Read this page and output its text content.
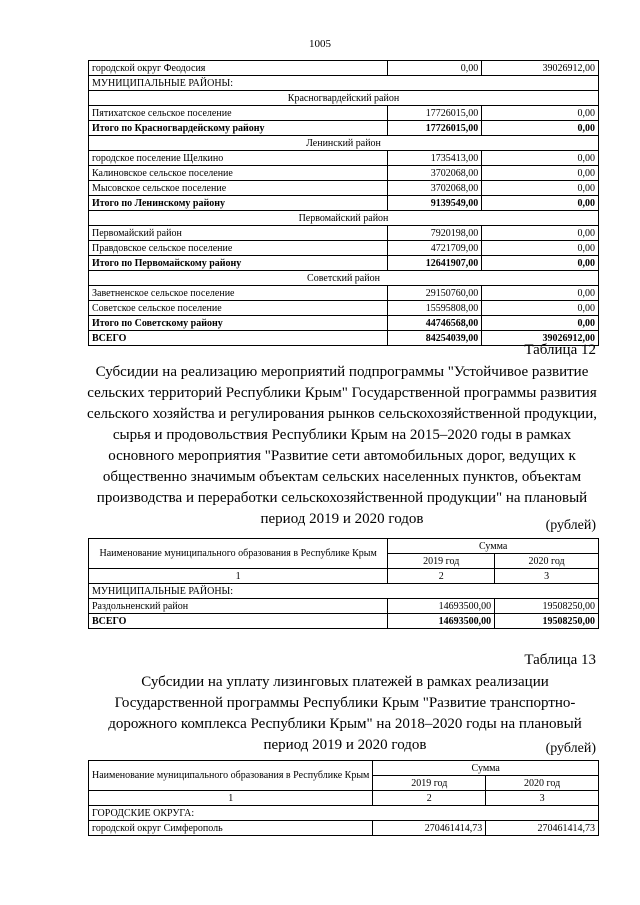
1005
городской округ Феодосия	0,00	39026912,00
МУНИЦИПАЛЬНЫЕ РАЙОНЫ:		
Красногвардейский район		
Пятихатское сельское поселение	17726015,00	0,00
Итого по Красногвардейскому району	17726015,00	0,00
Ленинский район		
городское поселение Щелкино	1735413,00	0,00
Калиновское сельское поселение	3702068,00	0,00
Мысовское сельское поселение	3702068,00	0,00
Итого по Ленинскому району	9139549,00	0,00
Первомайский район		
Первомайский район	7920198,00	0,00
Правдовское сельское поселение	4721709,00	0,00
Итого по Первомайскому району	12641907,00	0,00
Советский район		
Заветненское сельское поселение	29150760,00	0,00
Советское сельское поселение	15595808,00	0,00
Итого по Советскому району	44746568,00	0,00
ВСЕГО	84254039,00	39026912,00
Таблица 12
Субсидии на реализацию мероприятий подпрограммы "Устойчивое развитие сельских территорий Республики Крым" Государственной программы развития сельского хозяйства и регулирования рынков сельскохозяйственной продукции, сырья и продовольствия Республики Крым на 2015–2020 годы в рамках основного мероприятия "Развитие сети автомобильных дорог, ведущих к общественно значимым объектам сельских населенных пунктов, объектам производства и переработки сельскохозяйственной продукции" на плановый период 2019 и 2020 годов	(рублей)
Наименование муниципального образования в Республике Крым	Сумма	
	2019 год	2020 год
1	2	3
МУНИЦИПАЛЬНЫЕ РАЙОНЫ:		
Раздольненский район	14693500,00	19508250,00
ВСЕГО	14693500,00	19508250,00
Таблица 13
Субсидии на уплату лизинговых платежей в рамках реализации Государственной программы Республики Крым "Развитие транспортно-дорожного комплекса Республики Крым" на 2018–2020 годы на плановый период 2019 и 2020 годов	(рублей)
Наименование муниципального образования в Республике Крым	Сумма	
	2019 год	2020 год
1	2	3
ГОРОДСКИЕ ОКРУГА:		
городской округ Симферополь	270461414,73	270461414,73
